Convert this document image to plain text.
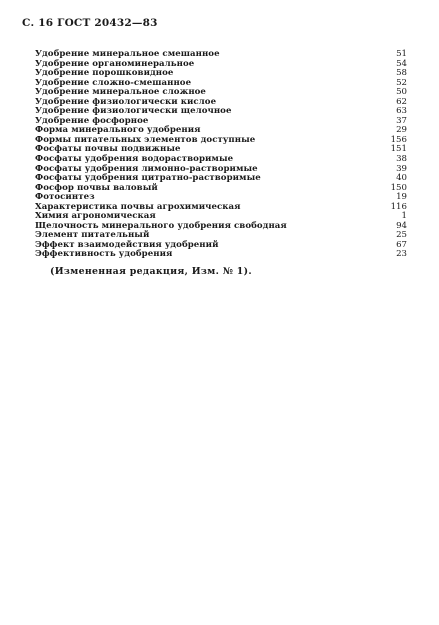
С. 16 ГОСТ 20432—83
Удобрение минеральное смешанное	51
Удобрение органоминеральное	54
Удобрение порошковидное	58
Удобрение сложно-смешанное	52
Удобрение минеральное сложное	50
Удобрение физиологически кислое	62
Удобрение физиологически щелочное	63
Удобрение фосфорное	37
Форма минерального удобрения	29
Формы питательных элементов доступные	156
Фосфаты почвы подвижные	151
Фосфаты удобрения водорастворимые	38
Фосфаты удобрения лимонно-растворимые	39
Фосфаты удобрения цитратно-растворимые	40
Фосфор почвы валовый	150
Фотосинтез	19
Характеристика почвы агрохимическая	116
Химия агрономическая	1
Щелочность минерального удобрения свободная	94
Элемент питательный	25
Эффект взаимодействия удобрений	67
Эффективность удобрения	23
(Измененная редакция, Изм. № 1).
